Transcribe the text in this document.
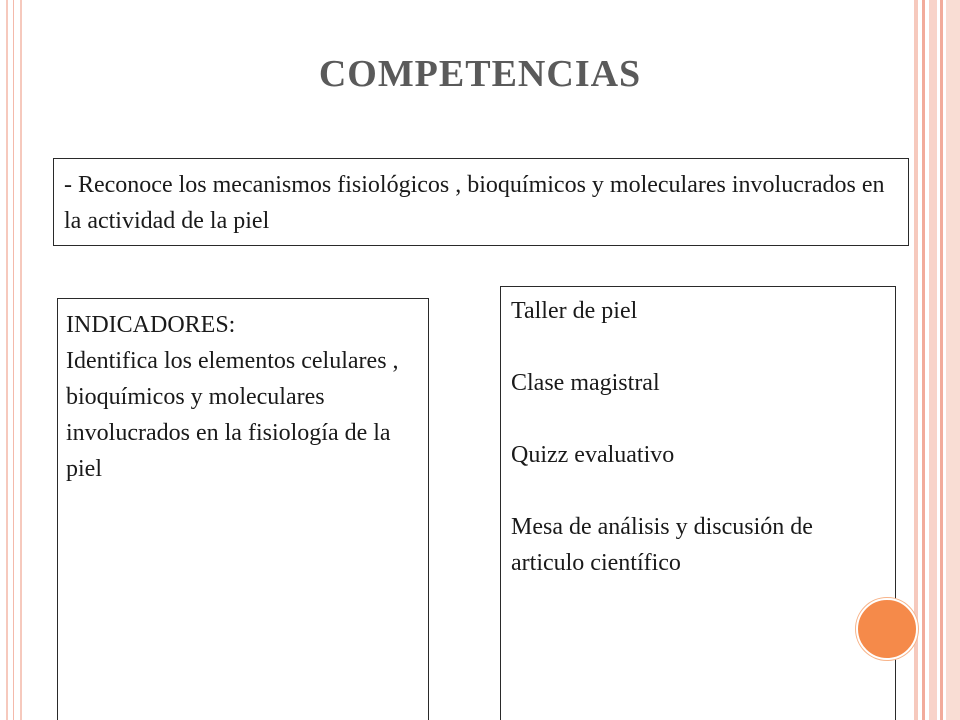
COMPETENCIAS
- Reconoce los mecanismos fisiológicos , bioquímicos y moleculares involucrados en la actividad de la piel
INDICADORES:
Identifica los elementos celulares , bioquímicos y moleculares involucrados en la fisiología de la piel
Taller de piel
Clase magistral
Quizz evaluativo
Mesa de análisis y discusión de articulo científico
